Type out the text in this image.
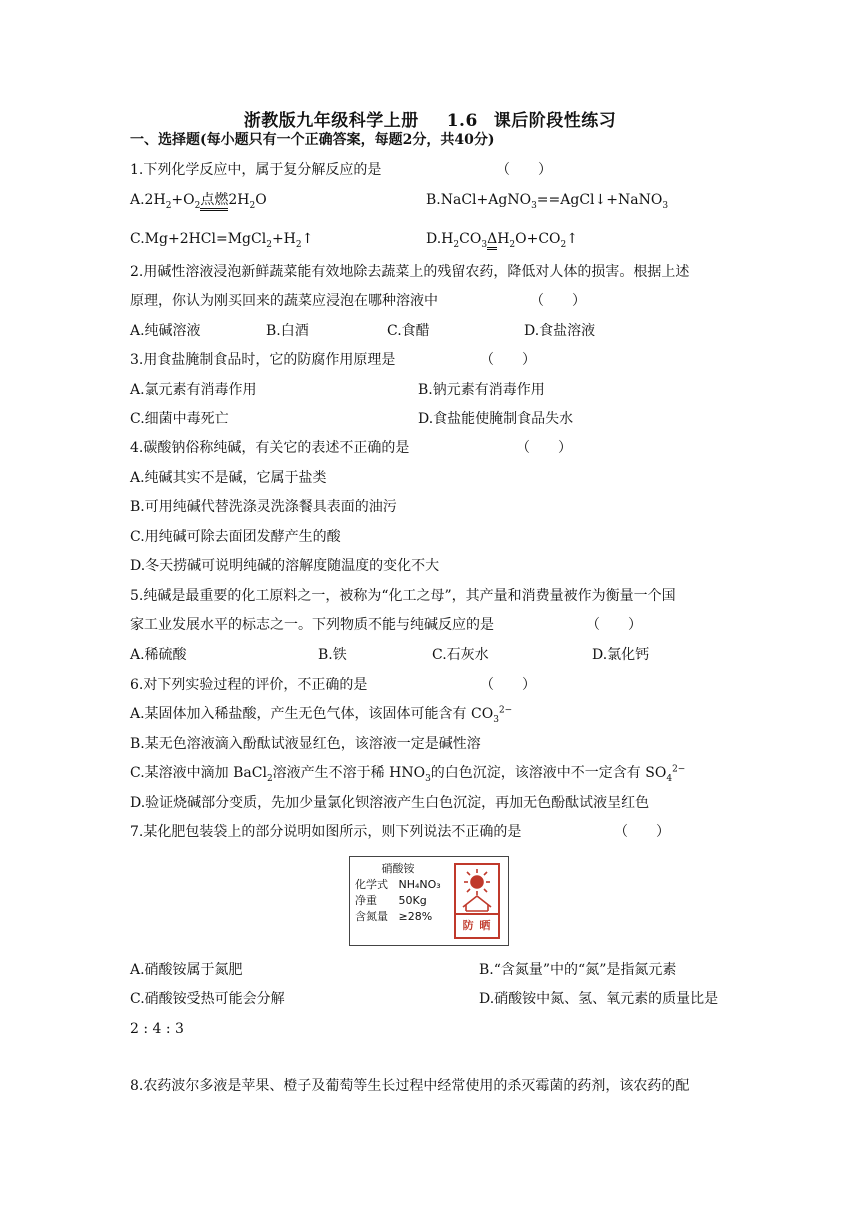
浙教版九年级科学上册 1.6 课后阶段性练习
一、选择题(每小题只有一个正确答案，每题2分，共40分)
1.下列化学反应中，属于复分解反应的是	（　　）
$A.2H_2+O_2$点燃$2H_2O$	B.NaCl+AgNO$_3$==AgCl↓+NaNO$_3$
$C.Mg+2HCl=MgCl_2+H_2↑$	$D.H_2CO_3\Delta H_2O+CO_2↑$
2.用碱性溶液浸泡新鲜蔬菜能有效地除去蔬菜上的残留农药，降低对人体的损害。根据上述
原理，你认为刚买回来的蔬菜应浸泡在哪种溶液中	（　　）
A.纯碱溶液	B.白酒	C.食醋	D.食盐溶液
3.用食盐腌制食品时，它的防腐作用原理是	（　　）
A.氯元素有消毒作用	B.钠元素有消毒作用
C.细菌中毒死亡	D.食盐能使腌制食品失水
4.碳酸钠俗称纯碱，有关它的表述不正确的是	（　　）
A.纯碱其实不是碱，它属于盐类
B.可用纯碱代替洗涤灵洗涤餐具表面的油污
C.用纯碱可除去面团发酵产生的酸
D.冬天捞碱可说明纯碱的溶解度随温度的变化不大
5.纯碱是最重要的化工原料之一，被称为“化工之母”，其产量和消费量被作为衡量一个国
家工业发展水平的标志之一。下列物质不能与纯碱反应的是	（　　）
A.稀硫酸	B.铁	C.石灰水	D.氯化钙
6.对下列实验过程的评价，不正确的是	（　　）
A.某固体加入稀盐酸，产生无色气体，该固体可能含有 $CO_3^{2-}$
B.某无色溶液滴入酚酞试液显红色，该溶液一定是碱性溶
C.某溶液中滴加 BaCl$_2$溶液产生不溶于稀 $HNO_3$的白色沉淀，该溶液中不一定含有 $SO_4^{2-}$
D.验证烧碱部分变质，先加少量氯化钡溶液产生白色沉淀，再加无色酚酞试液呈红色
7.某化肥包装袋上的部分说明如图所示，则下列说法不正确的是	（　　）
硝酸铵
化学式 NH₄NO₃
净重 50Kg
含氮量 ≥28%
防 晒
A.硝酸铵属于氮肥	B.“含氮量”中的“氮”是指氮元素
C.硝酸铵受热可能会分解	D.硝酸铵中氮、氢、氧元素的质量比是
2 : 4 : 3
8.农药波尔多液是苹果、橙子及葡萄等生长过程中经常使用的杀灭霉菌的药剂，该农药的配
